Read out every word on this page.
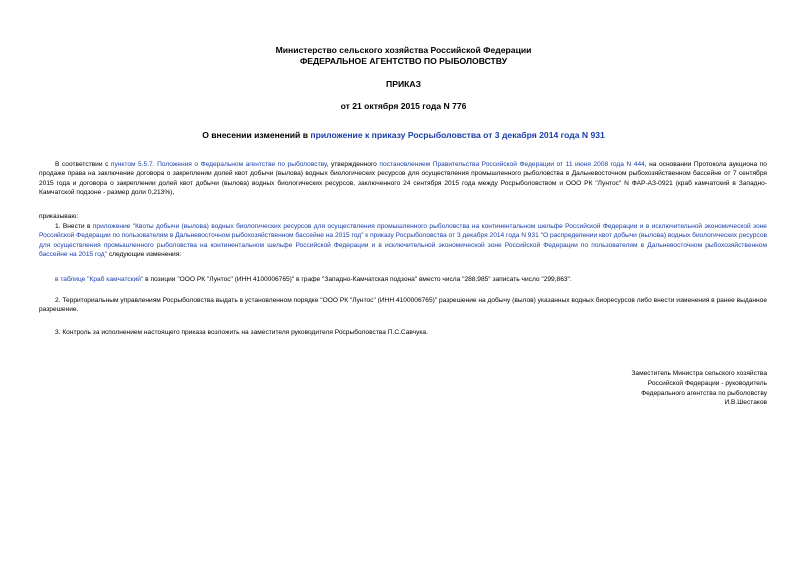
Министерство сельского хозяйства Российской Федерации
ФЕДЕРАЛЬНОЕ АГЕНТСТВО ПО РЫБОЛОВСТВУ
ПРИКАЗ
от 21 октября 2015 года N 776
О внесении изменений в приложение к приказу Росрыболовства от 3 декабря 2014 года N 931

В соответствии с пунктом 5.5.7. Положения о Федеральном агентстве по рыболовству, утвержденного постановлением Правительства Российской Федерации от 11 июня 2008 года N 444, на основании Протокола аукциона по продаже права на заключение договора о закреплении долей квот добычи (вылова) водных биологических ресурсов для осуществления промышленного рыболовства в Дальневосточном рыбохозяйственном бассейне от 7 сентября 2015 года и договора о закреплении долей квот добычи (вылова) водных биологических ресурсов, заключенного 24 сентября 2015 года между Росрыболовством и ООО РК "Лунтос" N ФАР-АЗ-0921 (краб камчатский в Западно-Камчатской подзоне - размер доли 0,213%),

приказываю:

1. Внести в приложение "Квоты добычи (вылова) водных биологических ресурсов для осуществления промышленного рыболовства на континентальном шельфе Российской Федерации и в исключительной экономической зоне Российской Федерации по пользователям в Дальневосточном рыбохозяйственном бассейне на 2015 год" к приказу Росрыболовства от 3 декабря 2014 года N 931 "О распределении квот добычи (вылова) водных биологических ресурсов для осуществления промышленного рыболовства на континентальном шельфе Российской Федерации и в исключительной экономической зоне Российской Федерации по пользователям в Дальневосточном рыбохозяйственном бассейне на 2015 год" следующие изменения:

в таблице "Краб камчатский" в позиции "ООО РК "Лунтос" (ИНН 4100006765)" в графе "Западно-Камчатская подзона" вместо числа "288,985" записать число "299,863".

2. Территориальным управлениям Росрыболовства выдать в установленном порядке "ООО РК "Лунтос" (ИНН 4100006765)" разрешение на добычу (вылов) указанных водных биоресурсов либо внести изменения в ранее выданное разрешение.

3. Контроль за исполнением настоящего приказа возложить на заместителя руководителя Росрыболовства П.С.Савчука.

Заместитель Министра сельского хозяйства
Российской Федерации - руководитель
Федерального агентства по рыболовству
И.В.Шестаков
